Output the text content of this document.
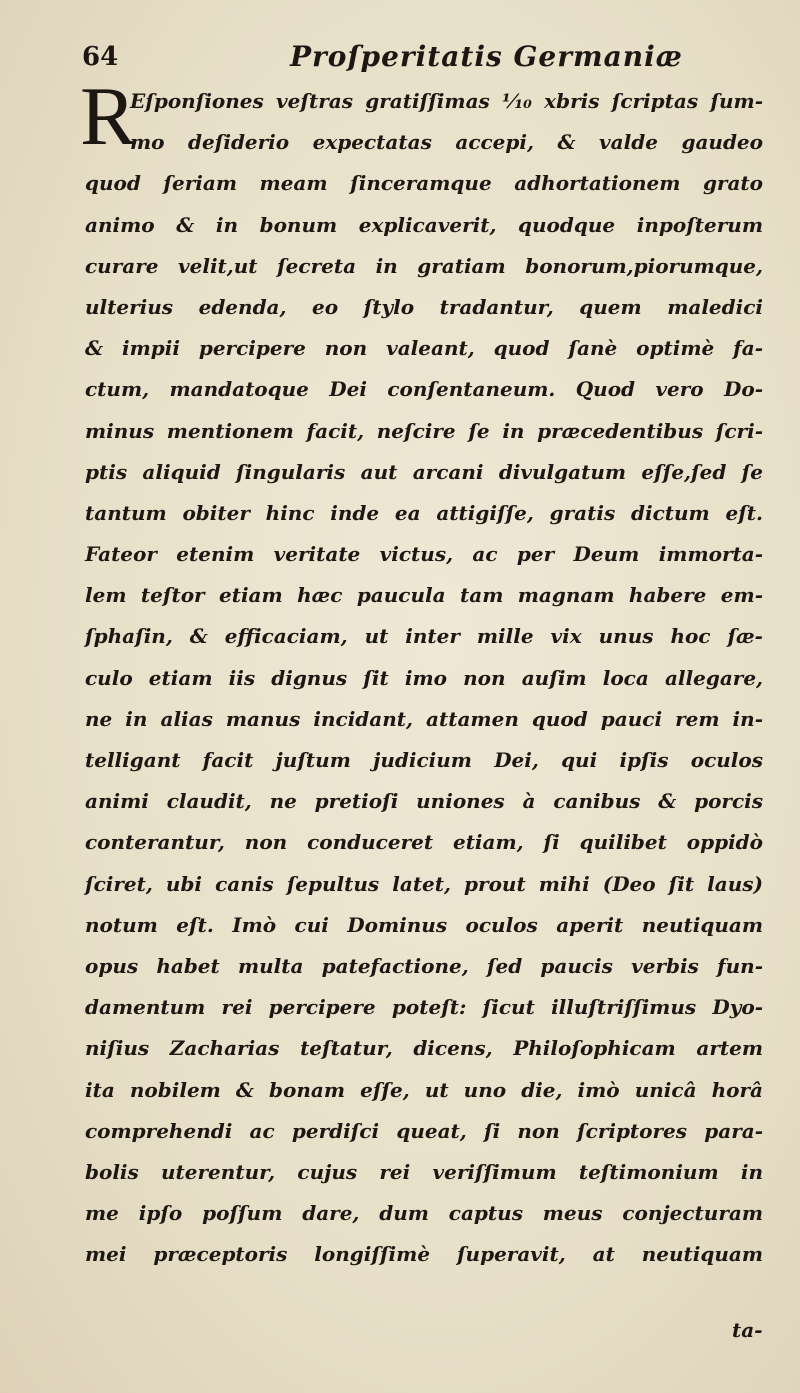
64	Proſperitatis Germaniæ
R
Eſponſiones veſtras gratiſſimas ⅟₁₀ xbris ſcriptas ſum-
mo deſiderio expectatas accepi, & valde gaudeo
quod ſeriam meam ſinceramque adhortationem grato
animo & in bonum explicaverit, quodque inpoſterum
curare velit,ut ſecreta in gratiam bonorum,piorumque,
ulterius edenda, eo ſtylo tradantur, quem maledici
& impii percipere non valeant, quod ſanè optimè fa-
ctum, mandatoque Dei conſentaneum. Quod vero Do-
minus mentionem facit, neſcire ſe in præcedentibus ſcri-
ptis aliquid ſingularis aut arcani divulgatum eſſe,ſed ſe
tantum obiter hinc inde ea attigiſſe, gratis dictum eſt.
Fateor etenim veritate victus, ac per Deum immorta-
lem teſtor etiam hæc paucula tam magnam habere em-
ſphaſin, & efficaciam, ut inter mille vix unus hoc ſæ-
culo etiam iis dignus ſit imo non auſim loca allegare,
ne in alias manus incidant, attamen quod pauci rem in-
telligant facit juſtum judicium Dei, qui ipſis oculos
animi claudit, ne pretioſi uniones à canibus & porcis
conterantur, non conduceret etiam, ſi quilibet oppidò
ſciret, ubi canis ſepultus latet, prout mihi (Deo ſit laus)
notum eſt. Imò cui Dominus oculos aperit neutiquam
opus habet multa patefactione, ſed paucis verbis fun-
damentum rei percipere poteſt: ſicut illuſtriſſimus Dyo-
niſius Zacharias teſtatur, dicens, Philoſophicam artem
ita nobilem & bonam eſſe, ut uno die, imò unicâ horâ
comprehendi ac perdiſci queat, ſi non ſcriptores para-
bolis uterentur, cujus rei veriſſimum teſtimonium in
me ipſo poſſum dare, dum captus meus conjecturam
mei præceptoris longiſſimè ſuperavit, at neutiquam
ta-
